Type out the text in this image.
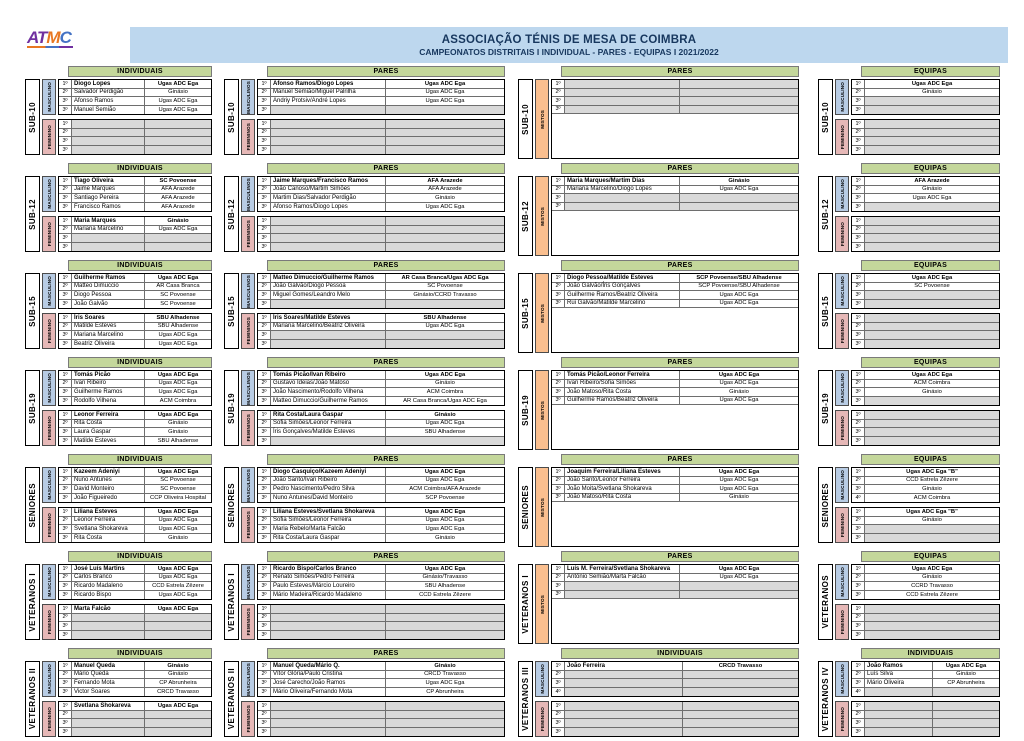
ATMC	ASSOCIAÇÃO TÉNIS DE MESA DE COIMBRA
CAMPEONATOS DISTRITAIS I INDIVIDUAL - PARES - EQUIPAS I 2021/2022
INDIVIDUAIS
SUB-10
MASCULINO	1º	Diogo Lopes	Ugas ADC Ega
2º	Salvador Perdigão	Ginásio
3º	Afonso Ramos	Ugas ADC Ega
3º	Manuel Semião	Ugas ADC Ega
FEMININO
1º
2º
3º
3º
PARES
SUB-10
MASCULINOS	1º	Afonso Ramos/Diogo Lopes	Ugas ADC Ega
2º	Manuel Semião/Miguel Palrilha	Ugas ADC Ega
3º	Andriy Protsiv/André Lopes	Ugas ADC Ega
3º
FEMININOS	1º
2º
3º
3º
PARES
SUB-10 MISTOS
1º
2º
3º
3º
EQUIPAS
SUB-10
MASCULINO	1º	Ugas ADC Ega
2º	Ginásio
3º
3º
FEMININO
1º
2º
3º
3º
INDIVIDUAIS
SUB-12
MASCULINO	1º	Tiago Oliveira	SC Povoense
2º	Jaime Marques	AFA Arazede
3º	Santiago Pereira	AFA Arazede
3º	Francisco Ramos	AFA Arazede
FEMININO
1º	Maria Marques	Ginásio
2º	Mariana Marcelino	Ugas ADC Ega
3º
3º
PARES
SUB-12
MASCULINOS	1º	Jaime Marques/Francisco Ramos	AFA Arazede
2º	João Canoso/Martim Simões	AFA Arazede
3º	Martim Dias/Salvador Perdigão	Ginásio
3º	Afonso Ramos/Diogo Lopes	Ugas ADC Ega
FEMININOS	1º
2º
3º
3º
PARES
SUB-12 MISTOS
1º	Maria Marques/Martim Dias	Ginásio
2º	Mariana Marcelino/Diogo Lopes	Ugas ADC Ega
3º
3º
EQUIPAS
SUB-12
MASCULINO	1º	AFA Arazede
2º	Ginásio
3º	Ugas ADC Ega
3º
FEMININO
1º
2º
3º
3º
INDIVIDUAIS
SUB-15
MASCULINO	1º	Guilherme Ramos	Ugas ADC Ega
2º	Matteo Dimuccio	AR Casa Branca
3º	Diogo Pessoa	SC Povoense
3º	João Galvão	SC Povoense
FEMININO
1º	Íris Soares	SBU Alhadense
2º	Matilde Esteves	SBU Alhadense
3º	Mariana Marcelino	Ugas ADC Ega
3º	Beatriz Oliveira	Ugas ADC Ega
PARES
SUB-15
MASCULINOS	1º	Matteo Dimuccio/Guilherme Ramos	AR Casa Branca/Ugas ADC Ega
2º	João Galvão/Diogo Pessoa	SC Povoense
3º	Miguel Gomes/Leandro Melo	Ginásio/CCRD Travasso
3º
FEMININOS	1º	Íris Soares/Matilde Esteves	SBU Alhadense
2º	Mariana Marcelino/Beatriz Oliveira	Ugas ADC Ega
3º
3º
PARES
SUB-15 MISTOS
1º	Diogo Pessoa/Matilde Esteves	SCP Povoense/SBU Alhadense
2º	João Galvão/Íris Gonçalves	SCP Povoense/SBU Alhadense
3º	Guilherme Ramos/Beatriz Oliveira	Ugas ADC Ega
3º	Rui Galvão/Matilde Marcelino	Ugas ADC Ega
EQUIPAS
SUB-15
MASCULINO	1º	Ugas ADC Ega
2º	SC Povoense
3º
3º
FEMININO
1º
2º
3º
3º
INDIVIDUAIS
SUB-19
MASCULINO	1º	Tomás Picão	Ugas ADC Ega
2º	Ivan Ribeiro	Ugas ADC Ega
3º	Guilherme Ramos	Ugas ADC Ega
3º	Rodolfo Vilhena	ACM Coimbra
FEMININO
1º	Leonor Ferreira	Ugas ADC Ega
2º	Rita Costa	Ginásio
3º	Laura Gaspar	Ginásio
3º	Matilde Esteves	SBU Alhadense
PARES
SUB-19
MASCULINOS	1º	Tomás Picão/Ivan Ribeiro	Ugas ADC Ega
2º	Gustavo Ideias/João Matoso	Ginásio
3º	João Nascimento/Rodolfo Vilhena	ACM Coimbra
3º	Matteo Dimuccio/Guilherme Ramos	AR Casa Branca/Ugas ADC Ega
FEMININOS	1º	Rita Costa/Laura Gaspar	Ginásio
2º	Sofia Simões/Leonor Ferreira	Ugas ADC Ega
3º	Íris Gonçalves/Matilde Esteves	SBU Alhadense
3º
PARES
SUB-19 MISTOS
1º	Tomás Picão/Leonor Ferreira	Ugas ADC Ega
2º	Ivan Ribeiro/Sofia Simões	Ugas ADC Ega
3º	João Matoso/Rita Costa	Ginásio
3º	Guilherme Ramos/Beatriz Oliveira	Ugas ADC Ega
EQUIPAS
SUB-19
MASCULINO	1º	Ugas ADC Ega
2º	ACM Coimbra
3º	Ginásio
3º
FEMININO
1º
2º
3º
3º
INDIVIDUAIS
SENIORES MASCULINO	1º	Kazeem Adeniyi	Ugas ADC Ega
2º	Nuno Antunes	SC Povoense
3º	David Monteiro	SC Povoense
3º	João Figueiredo	CCP Oliveira Hospital
FEMININO
1º	Liliana Esteves	Ugas ADC Ega
2º	Leonor Ferreira	Ugas ADC Ega
3º	Svetlana Shokareva	Ugas ADC Ega
3º	Rita Costa	Ginásio
PARES
SENIORES MASCULINOS	1º	Diogo Casquiço/Kazeem Adeniyi	Ugas ADC Ega
2º	João Santo/Ivan Ribeiro	Ugas ADC Ega
3º	Pedro Nascimento/Pedro Silva	ACM Coimbra/AFA Arazede
3º	Nuno Antunes/David Monteiro	SCP Povoense
FEMININOS	1º	Liliana Esteves/Svetlana Shokareva	Ugas ADC Ega
2º	Sofia Simões/Leonor Ferreira	Ugas ADC Ega
3º	Maria Rebelo/Marta Falcão	Ugas ADC Ega
3º	Rita Costa/Laura Gaspar	Ginásio
PARES
SENIORES MISTOS
1º	Joaquim Ferreira/Liliana Esteves	Ugas ADC Ega
2º	João Santo/Leonor Ferreira	Ugas ADC Ega
3º	João Moita/Svetlana Shokareva	Ugas ADC Ega
3º	João Matoso/Rita Costa	Ginásio
EQUIPAS
SENIORES MASCULINO	1º	Ugas ADC Ega "B"
2º	CCD Estrela Zêzere
3º	Ginásio
4º	ACM Coimbra
FEMININO
1º	Ugas ADC Ega "B"
2º	Ginásio
3º
3º
INDIVIDUAIS
VETERANOS I MASCULINO	1º	José Luís Martins	Ugas ADC Ega
2º	Carlos Branco	Ugas ADC Ega
3º	Ricardo Madaleno	CCD Estrela Zêzere
3º	Ricardo Bispo	Ugas ADC Ega
FEMININO
1º	Marta Falcão	Ugas ADC Ega
2º
3º
3º
PARES
VETERANOS I MASCULINOS	1º	Ricardo Bispo/Carlos Branco	Ugas ADC Ega
2º	Renato Simões/Pedro Ferreira	Ginásio/Travasso
3º	Paulo Esteves/Márcio Loureiro	SBU Alhadense
3º	Mário Madeira/Ricardo Madaleno	CCD Estrela Zêzere
FEMININOS	1º
2º
3º
3º
PARES
VETERANOS I MISTOS
1º	Luís M. Ferreira/Svetlana Shokareva	Ugas ADC Ega
2º	António Semião/Marta Falcão	Ugas ADC Ega
3º
3º
EQUIPAS
VETERANOS MASCULINO	1º	Ugas ADC Ega
2º	Ginásio
3º	CCRD Travasso
3º	CCD Estrela Zêzere
FEMININO
1º
2º
3º
3º
INDIVIDUAIS
VETERANOS II MASCULINO	1º	Manuel Queda	Ginásio
2º	Mário Queda	Ginásio
3º	Fernando Mota	CP Abrunheira
3º	Victor Soares	CRCD Travasso
FEMININO
1º	Svetlana Shokareva	Ugas ADC Ega
2º
3º
3º
PARES
VETERANOS II MASCULINOS	1º	Manuel Queda/Mário Q.	Ginásio
2º	Vítor Glória/Paulo Cristina	CRCD Travasso
3º	José Carecho/João Ramos	Ugas ADC Ega
3º	Mário Oliveira/Fernando Mota	CP Abrunheira
FEMININOS	1º
2º
3º
3º
INDIVIDUAIS
VETERANOS III MASCULINO	1º	João Ferreira	CRCD Travasso
2º
3º
4º
FEMININO
1º
2º
3º
3º
INDIVIDUAIS
VETERANOS IV MASCULINO	1º	João Ramos	Ugas ADC Ega
2º	Luís Silva	Ginásio
3º	Mário Oliveira	CP Abrunheira
4º
FEMININO
1º
2º
3º
3º
